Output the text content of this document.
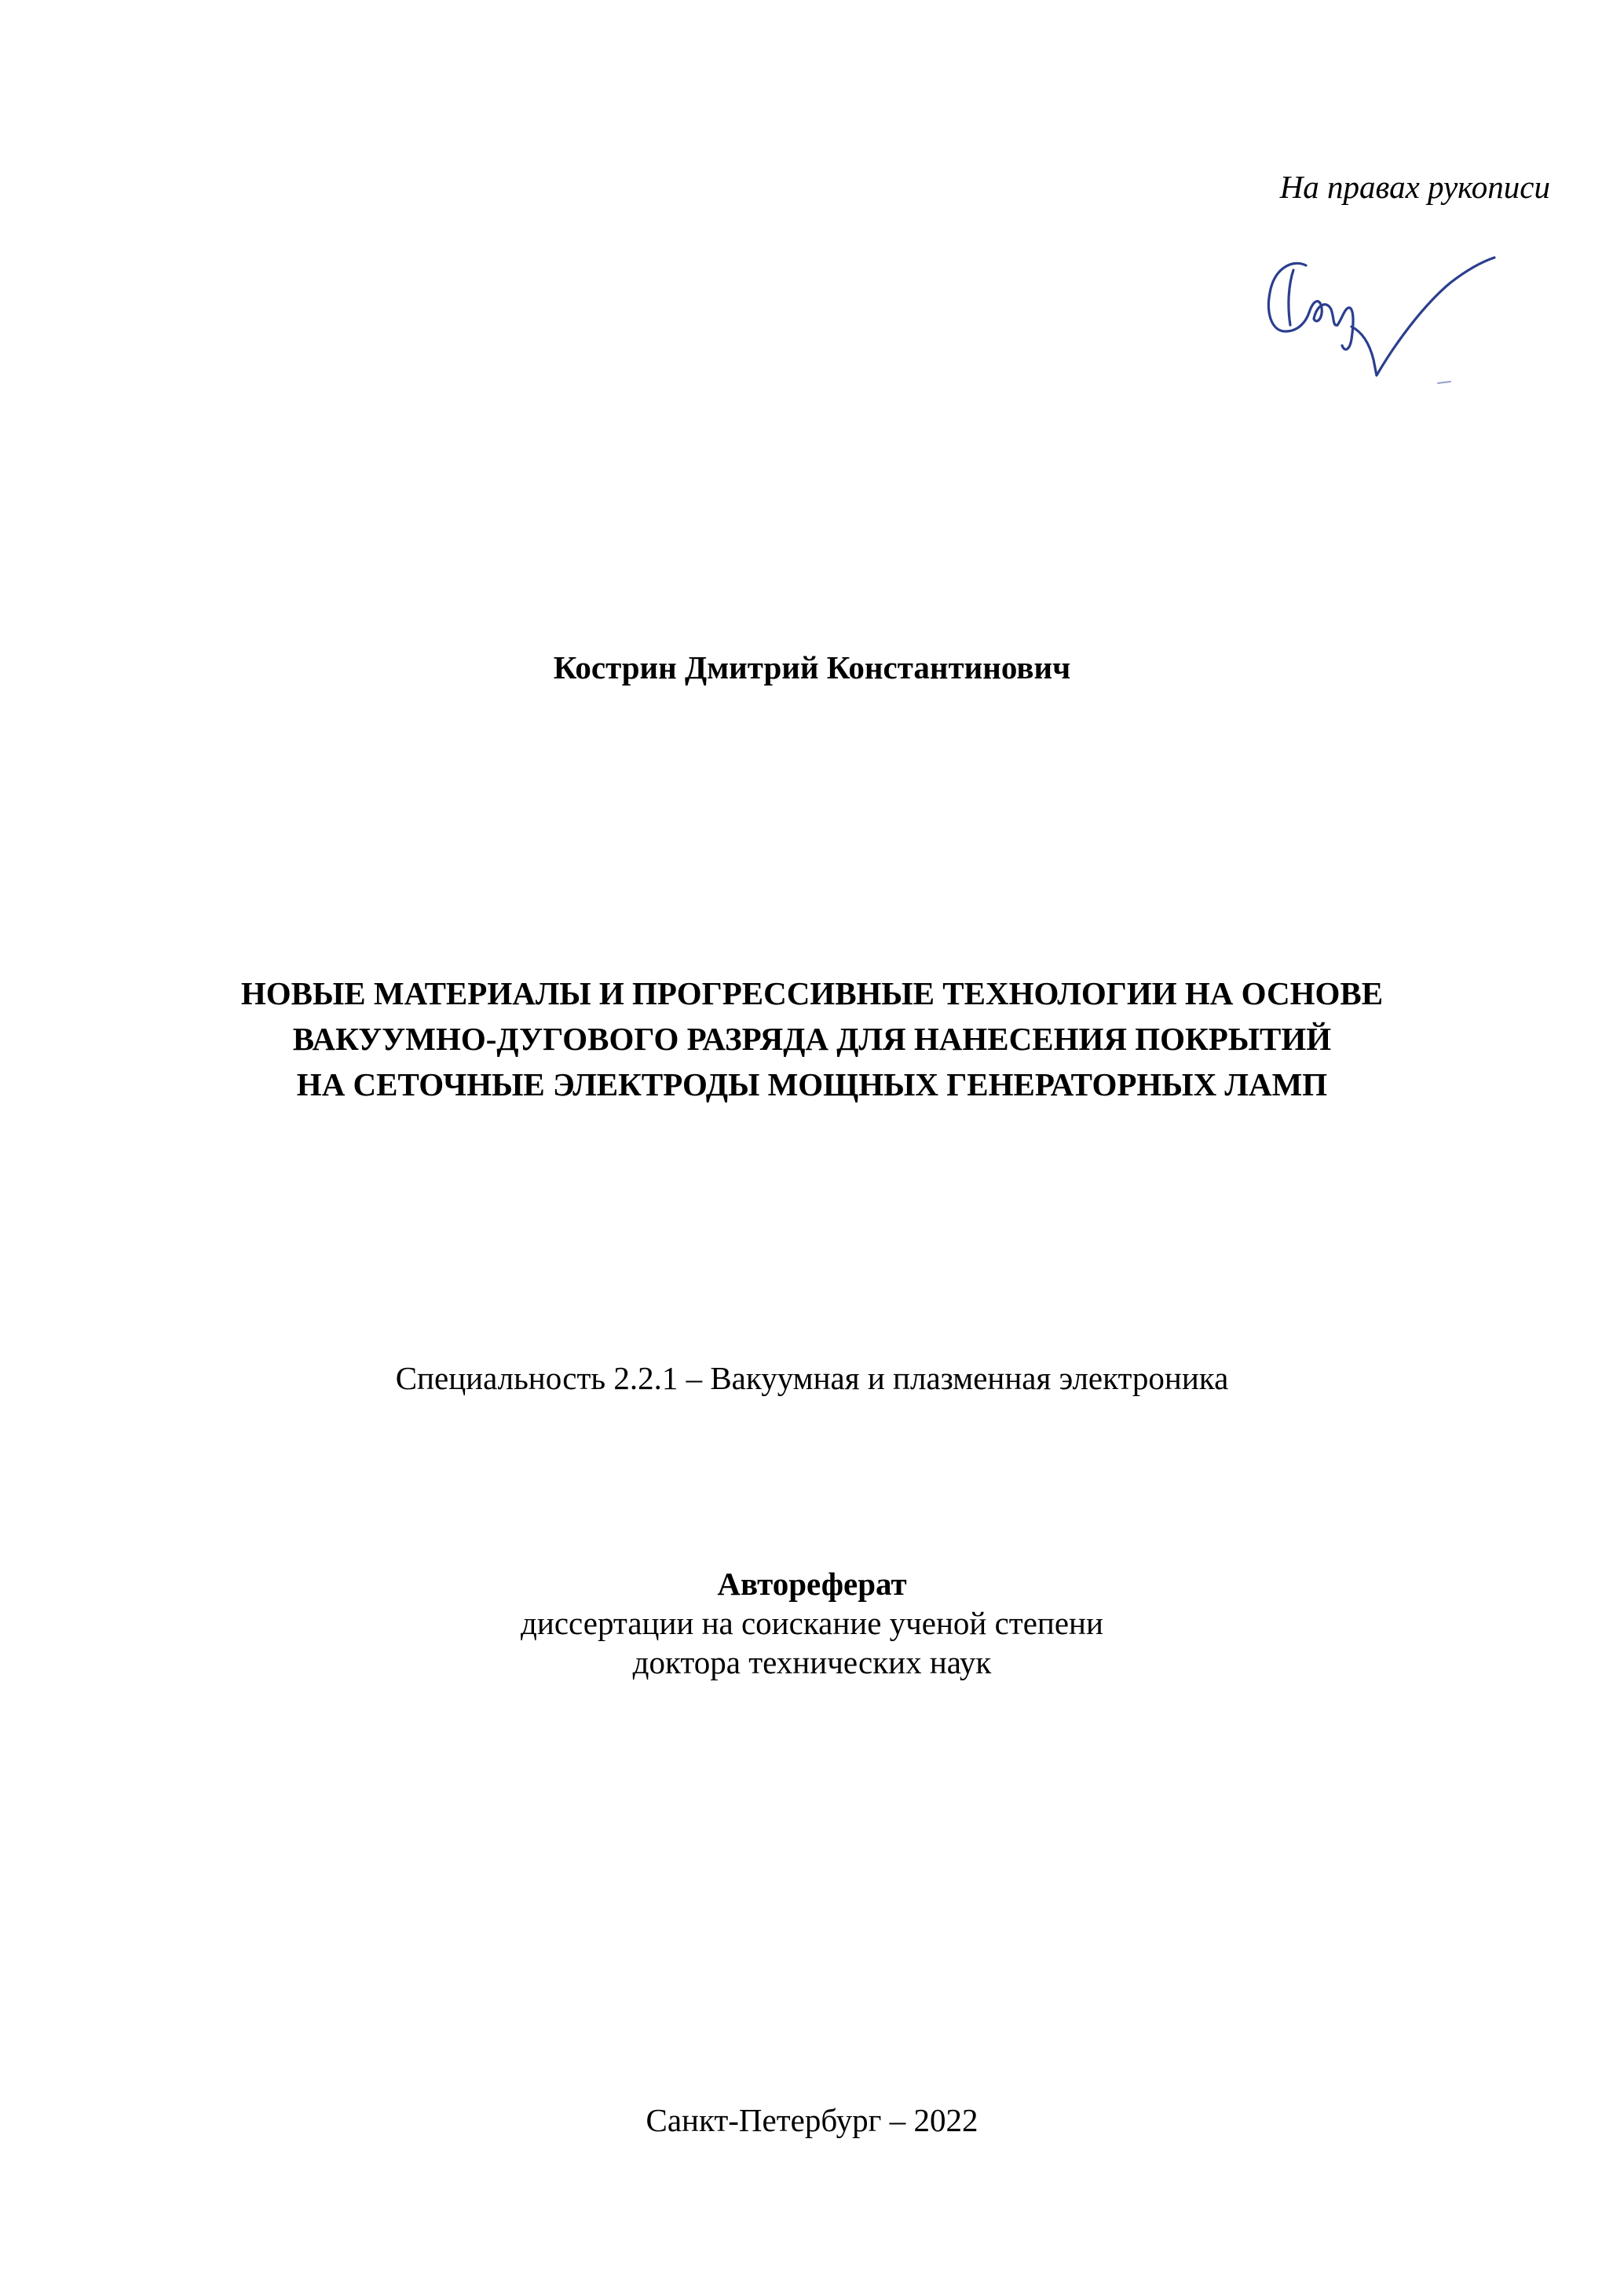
На правах рукописи
Кострин Дмитрий Константинович
НОВЫЕ МАТЕРИАЛЫ И ПРОГРЕССИВНЫЕ ТЕХНОЛОГИИ НА ОСНОВЕ
ВАКУУМНО-ДУГОВОГО РАЗРЯДА ДЛЯ НАНЕСЕНИЯ ПОКРЫТИЙ
НА СЕТОЧНЫЕ ЭЛЕКТРОДЫ МОЩНЫХ ГЕНЕРАТОРНЫХ ЛАМП
Специальность 2.2.1 – Вакуумная и плазменная электроника
Автореферат
диссертации на соискание ученой степени
доктора технических наук
Санкт-Петербург – 2022
